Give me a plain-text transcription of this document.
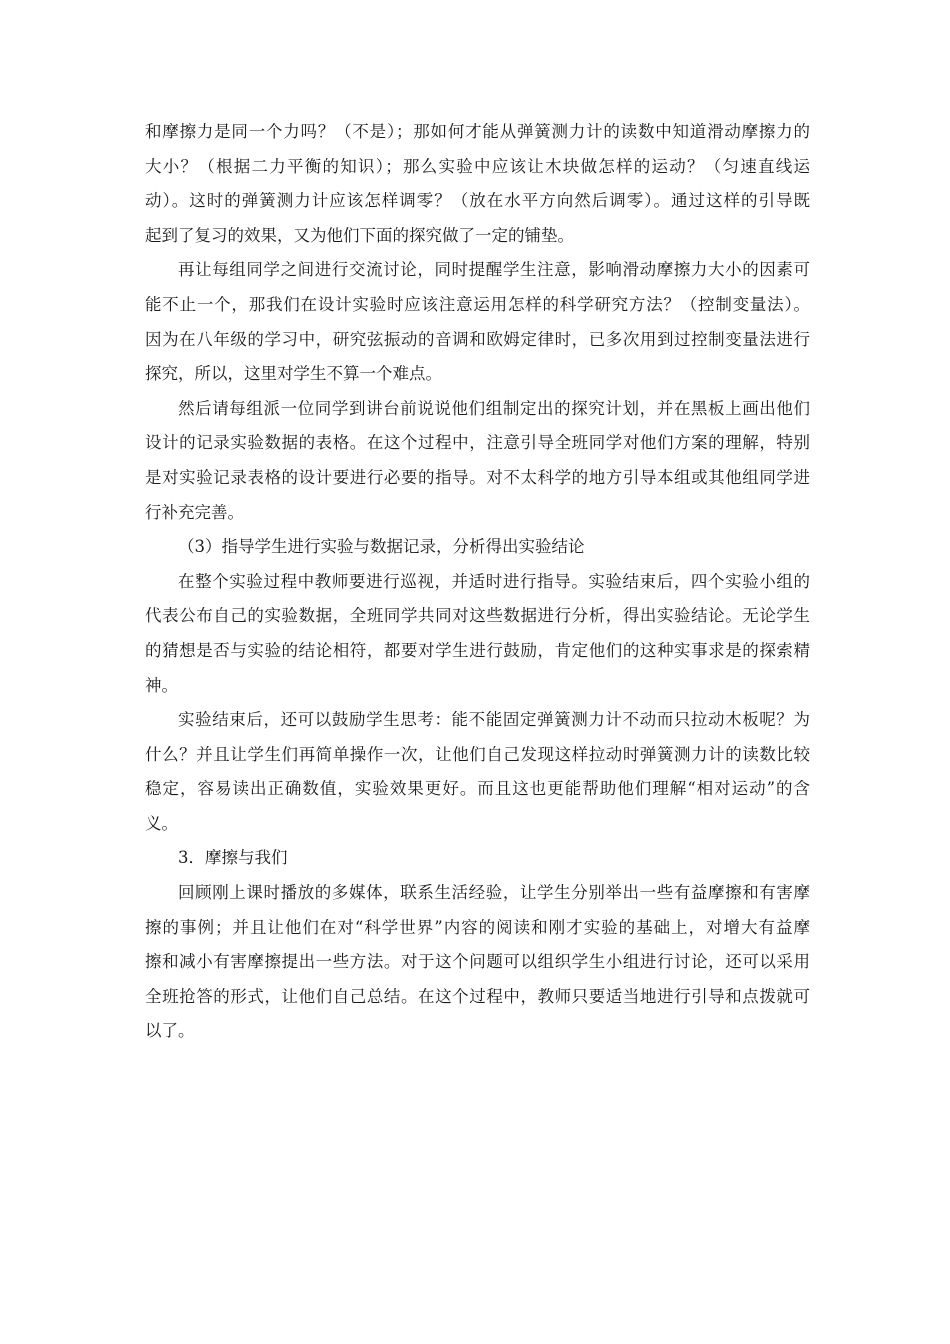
和摩擦力是同一个力吗？（不是）；那如何才能从弹簧测力计的读数中知道滑动摩擦力的
大小？（根据二力平衡的知识）；那么实验中应该让木块做怎样的运动？（匀速直线运
动）。这时的弹簧测力计应该怎样调零？（放在水平方向然后调零）。通过这样的引导既
起到了复习的效果，又为他们下面的探究做了一定的铺垫。
再让每组同学之间进行交流讨论，同时提醒学生注意，影响滑动摩擦力大小的因素可
能不止一个，那我们在设计实验时应该注意运用怎样的科学研究方法？（控制变量法）。
因为在八年级的学习中，研究弦振动的音调和欧姆定律时，已多次用到过控制变量法进行
探究，所以，这里对学生不算一个难点。
然后请每组派一位同学到讲台前说说他们组制定出的探究计划，并在黑板上画出他们
设计的记录实验数据的表格。在这个过程中，注意引导全班同学对他们方案的理解，特别
是对实验记录表格的设计要进行必要的指导。对不太科学的地方引导本组或其他组同学进
行补充完善。
（3）指导学生进行实验与数据记录，分析得出实验结论
在整个实验过程中教师要进行巡视，并适时进行指导。实验结束后，四个实验小组的
代表公布自己的实验数据，全班同学共同对这些数据进行分析，得出实验结论。无论学生
的猜想是否与实验的结论相符，都要对学生进行鼓励，肯定他们的这种实事求是的探索精
神。
实验结束后，还可以鼓励学生思考：能不能固定弹簧测力计不动而只拉动木板呢？为
什么？并且让学生们再简单操作一次，让他们自己发现这样拉动时弹簧测力计的读数比较
稳定，容易读出正确数值，实验效果更好。而且这也更能帮助他们理解“相对运动”的含
义。
3．摩擦与我们
回顾刚上课时播放的多媒体，联系生活经验，让学生分别举出一些有益摩擦和有害摩
擦的事例；并且让他们在对“科学世界”内容的阅读和刚才实验的基础上，对增大有益摩
擦和减小有害摩擦提出一些方法。对于这个问题可以组织学生小组进行讨论，还可以采用
全班抢答的形式，让他们自己总结。在这个过程中，教师只要适当地进行引导和点拨就可
以了。
